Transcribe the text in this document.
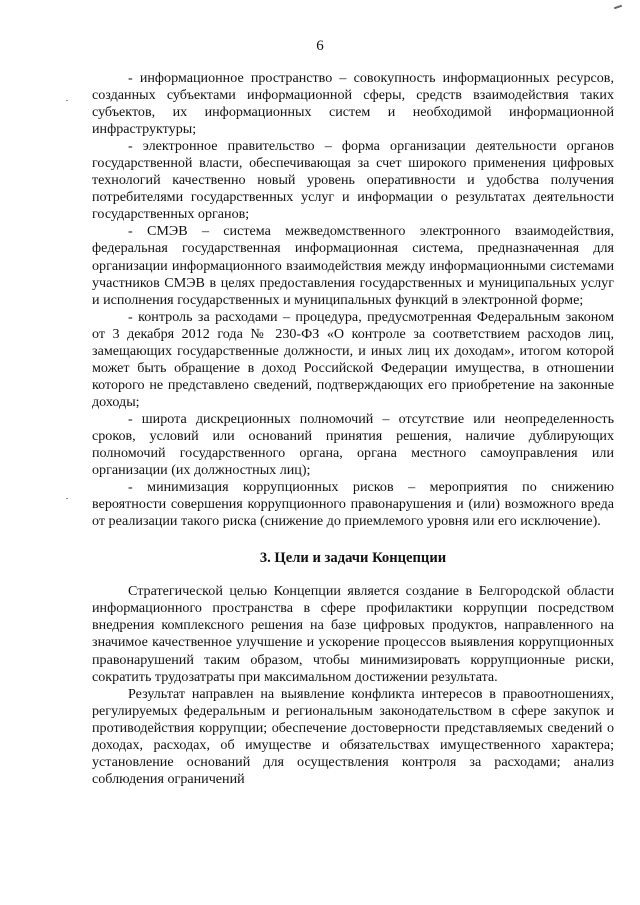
6

- информационное пространство – совокупность информационных ресурсов, созданных субъектами информационной сферы, средств взаимодействия таких субъектов, их информационных систем и необходимой информационной инфраструктуры;

- электронное правительство – форма организации деятельности органов государственной власти, обеспечивающая за счет широкого применения цифровых технологий качественно новый уровень оперативности и удобства получения потребителями государственных услуг и информации о результатах деятельности государственных органов;

- СМЭВ – система межведомственного электронного взаимодействия, федеральная государственная информационная система, предназначенная для организации информационного взаимодействия между информационными системами участников СМЭВ в целях предоставления государственных и муниципальных услуг и исполнения государственных и муниципальных функций в электронной форме;

- контроль за расходами – процедура, предусмотренная Федеральным законом от 3 декабря 2012 года № 230-ФЗ «О контроле за соответствием расходов лиц, замещающих государственные должности, и иных лиц их доходам», итогом которой может быть обращение в доход Российской Федерации имущества, в отношении которого не представлено сведений, подтверждающих его приобретение на законные доходы;

- широта дискреционных полномочий – отсутствие или неопределенность сроков, условий или оснований принятия решения, наличие дублирующих полномочий государственного органа, органа местного самоуправления или организации (их должностных лиц);

- минимизация коррупционных рисков – мероприятия по снижению вероятности совершения коррупционного правонарушения и (или) возможного вреда от реализации такого риска (снижение до приемлемого уровня или его исключение).

3. Цели и задачи Концепции

Стратегической целью Концепции является создание в Белгородской области информационного пространства в сфере профилактики коррупции посредством внедрения комплексного решения на базе цифровых продуктов, направленного на значимое качественное улучшение и ускорение процессов выявления коррупционных правонарушений таким образом, чтобы минимизировать коррупционные риски, сократить трудозатраты при максимальном достижении результата.

Результат направлен на выявление конфликта интересов в правоотношениях, регулируемых федеральным и региональным законодательством в сфере закупок и противодействия коррупции; обеспечение достоверности представляемых сведений о доходах, расходах, об имуществе и обязательствах имущественного характера; установление оснований для осуществления контроля за расходами; анализ соблюдения ограничений
